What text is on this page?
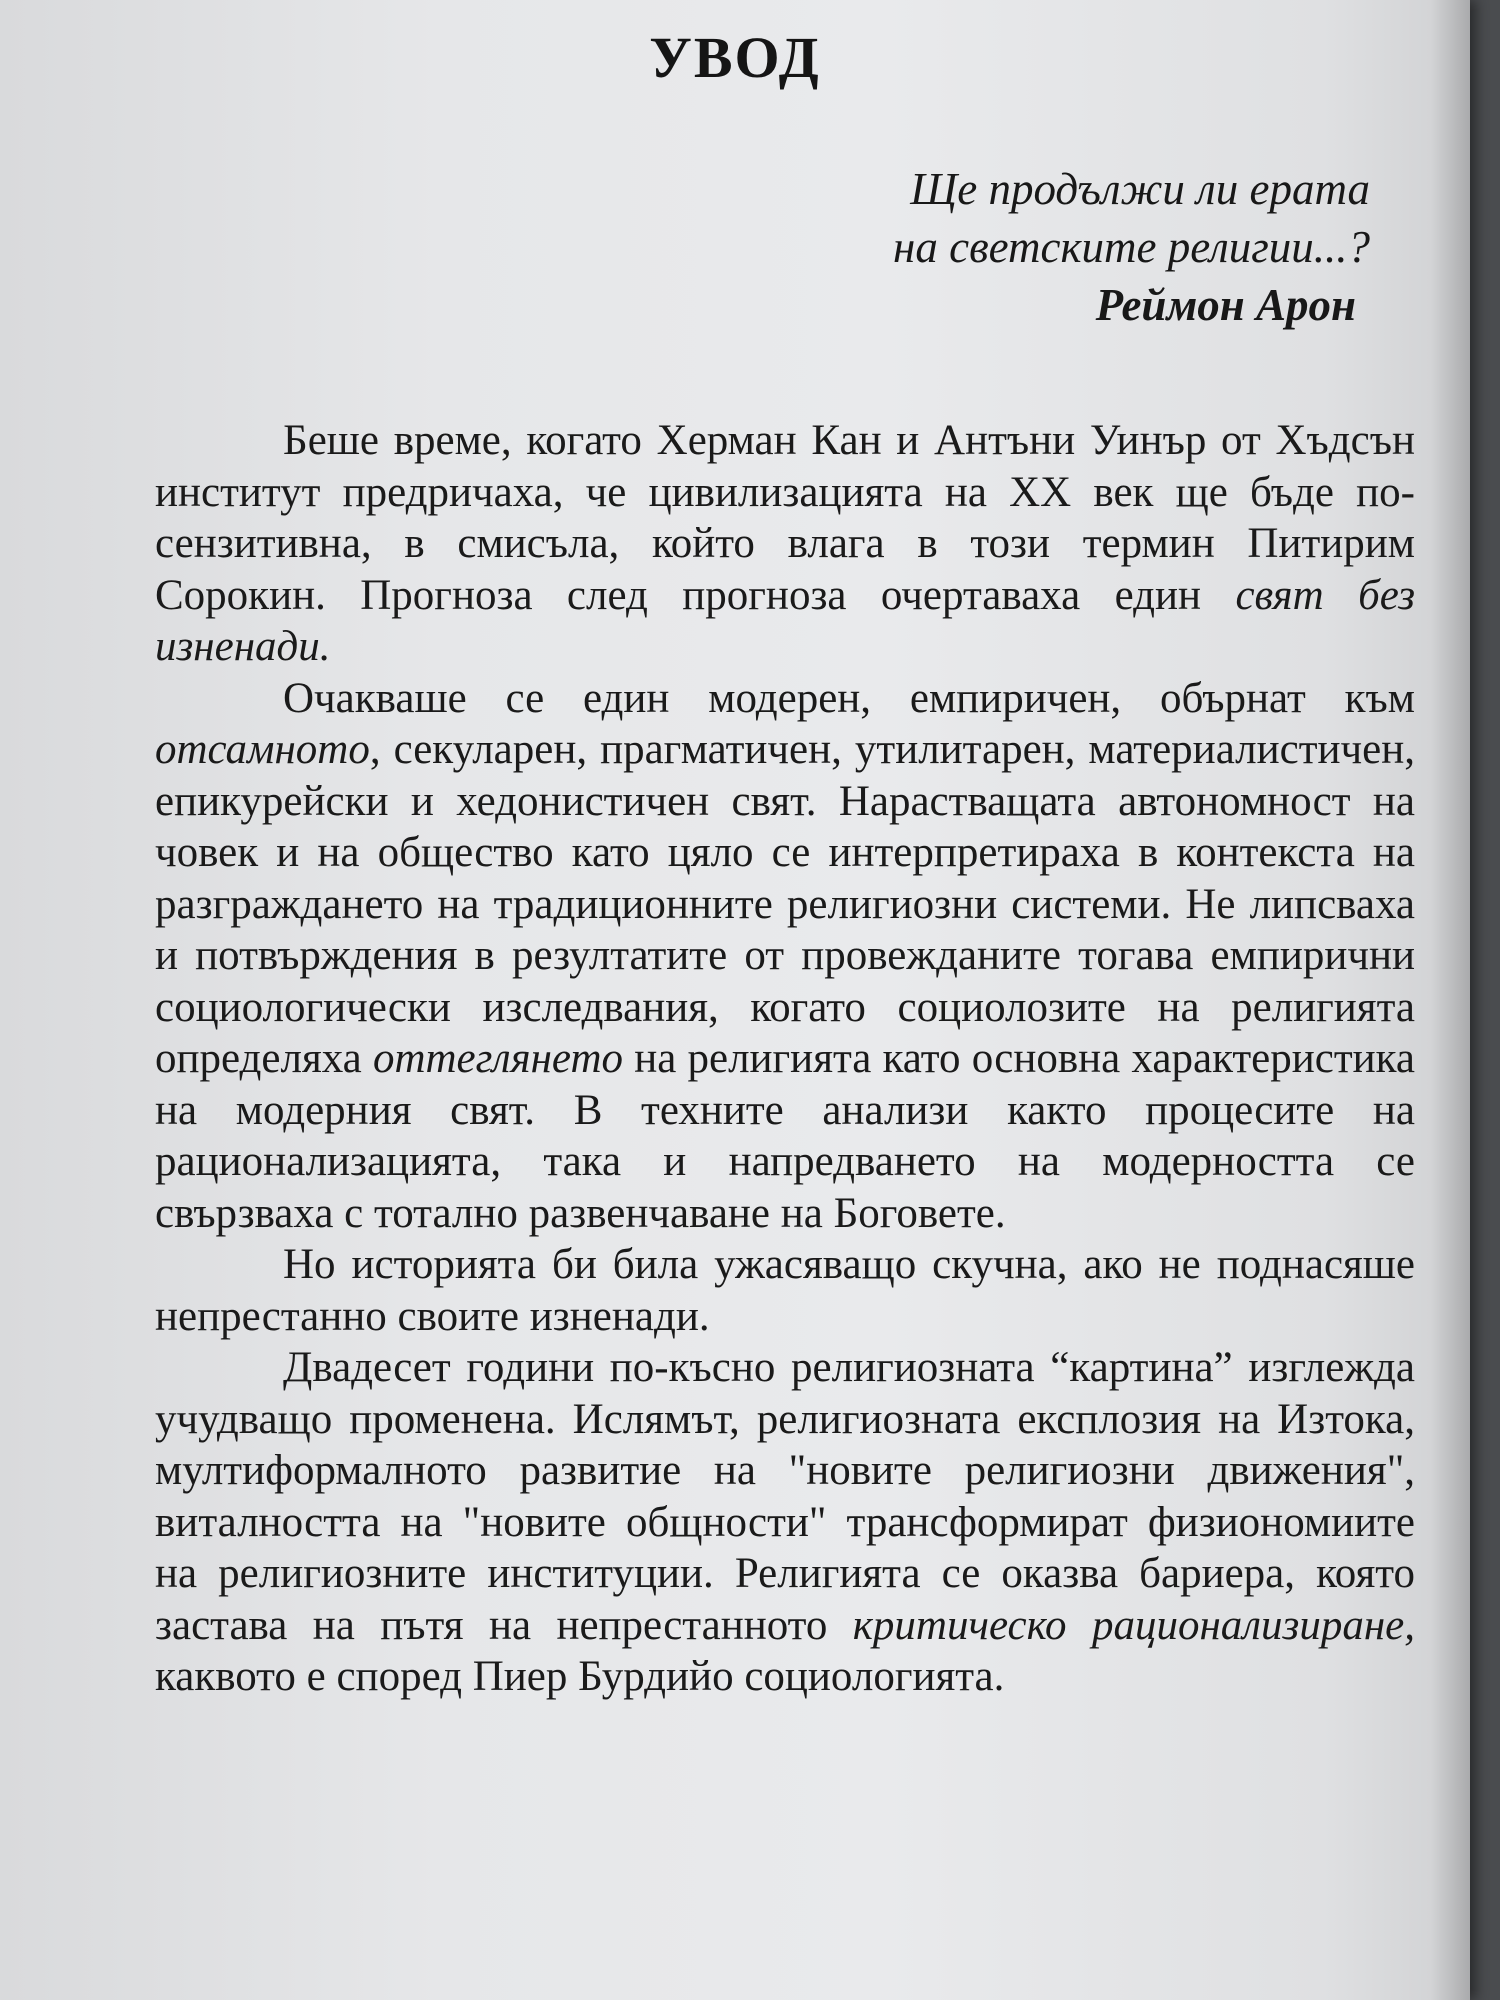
УВОД
Ще продължи ли ерата
на светските религии...?
Реймон Арон

Беше време, когато Херман Кан и Антъни Уинър от Хъдсън институт предричаха, че цивилизацията на XX век ще бъде по-сензитивна, в смисъла, който влага в този термин Питирим Сорокин. Прогноза след прогноза очертаваха един свят без изненади.

Очакваше се един модерен, емпиричен, обърнат към отсамното, секуларен, прагматичен, утилитарен, материалистичен, епикурейски и хедонистичен свят. Нарастващата автономност на човек и на общество като цяло се интерпретираха в контекста на разграждането на традиционните религиозни системи. Не липсваха и потвърждения в резултатите от провежданите тогава емпирични социологически изследвания, когато социолозите на религията определяха оттеглянето на религията като основна характеристика на модерния свят. В техните анализи както процесите на рационализацията, така и напредването на модерността се свързваха с тотално развенчаване на Боговете.

Но историята би била ужасяващо скучна, ако не поднасяше непрестанно своите изненади.

Двадесет години по-късно религиозната “картина” изглежда учудващо променена. Ислямът, религиозната експлозия на Изтока, мултиформалното развитие на "новите религиозни движения", виталността на "новите общности" трансформират физиономиите на религиозните институции. Религията се оказва бариера, която застава на пътя на непрестанното критическо рационализиране, каквото е според Пиер Бурдийо социологията.
